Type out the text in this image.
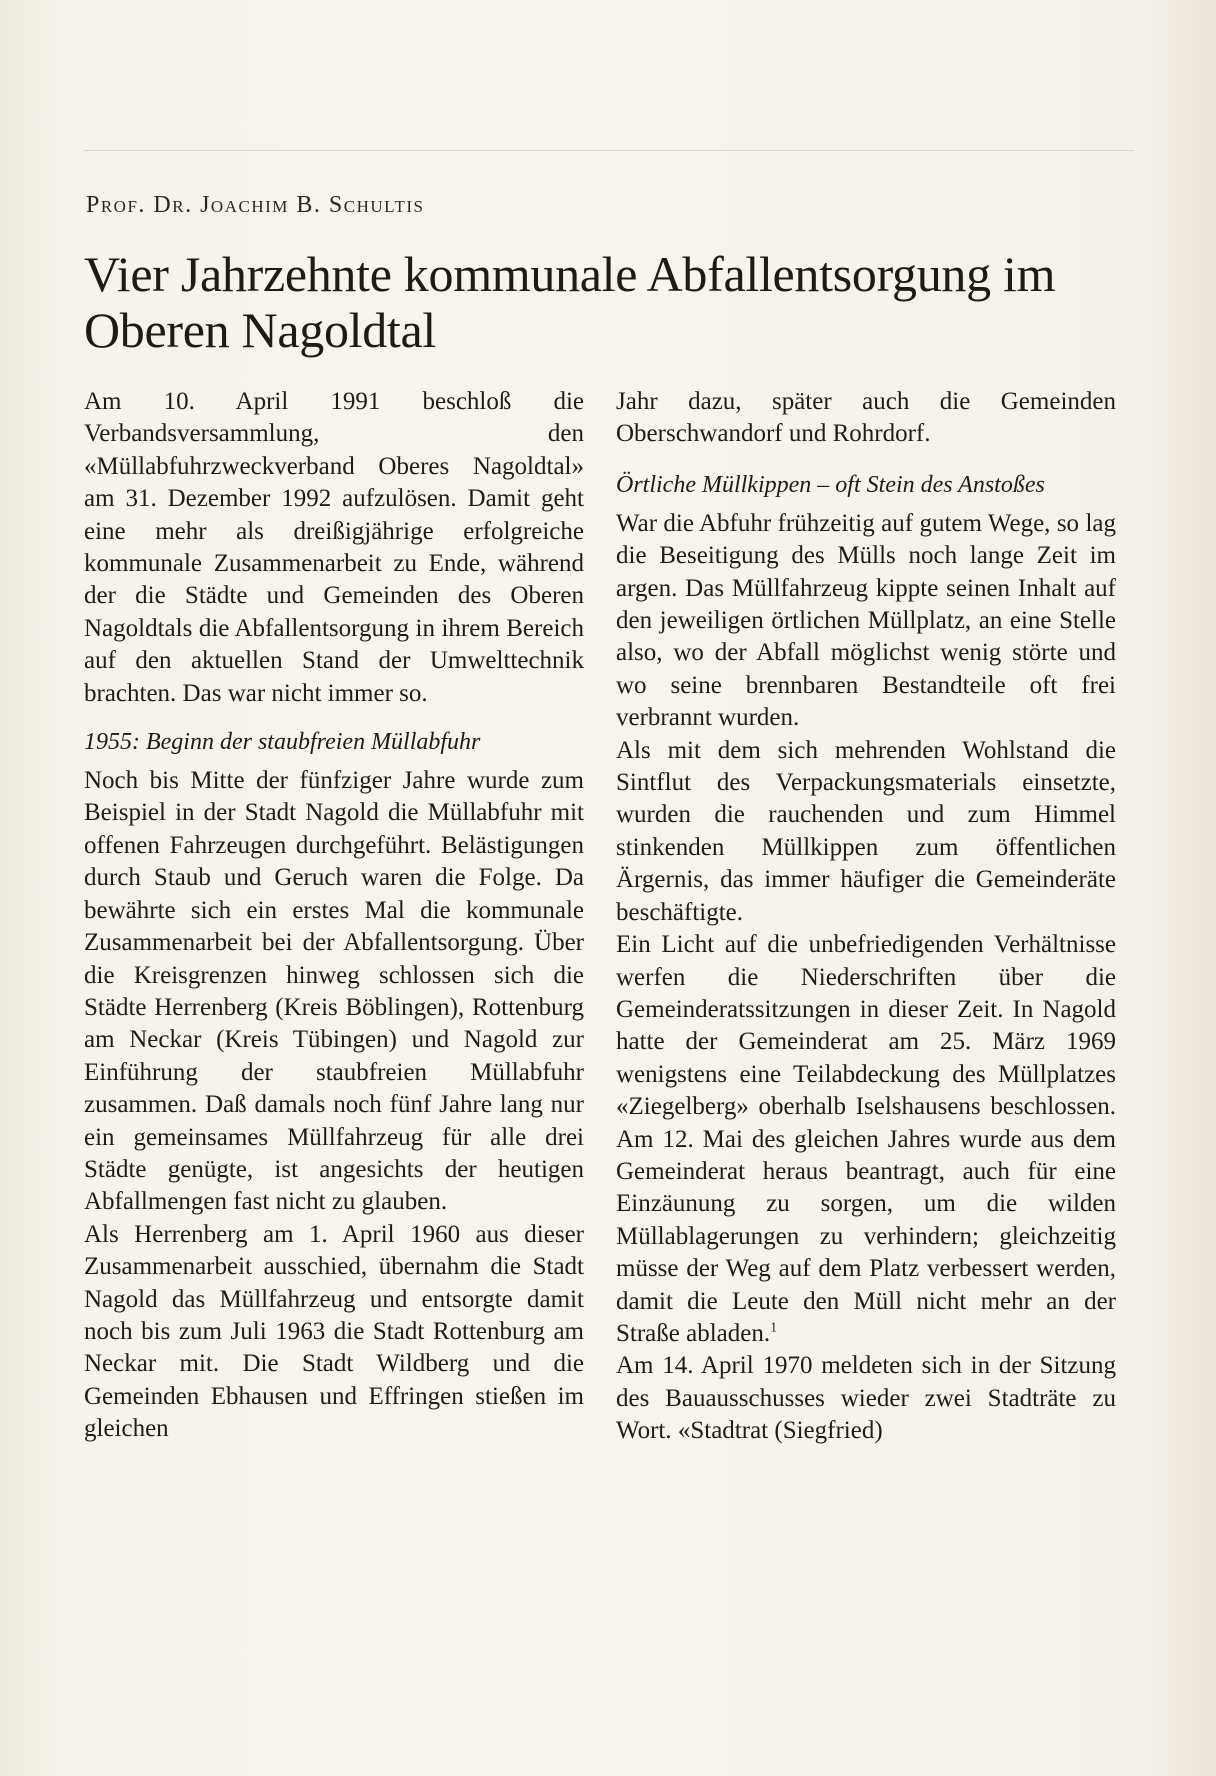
Prof. Dr. Joachim B. Schultis
Vier Jahrzehnte kommunale Abfallentsorgung im Oberen Nagoldtal

Am 10. April 1991 beschloß die Verbandsversammlung, den «Müllabfuhrzweckverband Oberes Nagoldtal» am 31. Dezember 1992 aufzulösen. Damit geht eine mehr als dreißigjährige erfolgreiche kommunale Zusammenarbeit zu Ende, während der die Städte und Gemeinden des Oberen Nagoldtals die Abfallentsorgung in ihrem Bereich auf den aktuellen Stand der Umwelttechnik brachten. Das war nicht immer so.

1955: Beginn der staubfreien Müllabfuhr

Noch bis Mitte der fünfziger Jahre wurde zum Beispiel in der Stadt Nagold die Müllabfuhr mit offenen Fahrzeugen durchgeführt. Belästigungen durch Staub und Geruch waren die Folge. Da bewährte sich ein erstes Mal die kommunale Zusammenarbeit bei der Abfallentsorgung. Über die Kreisgrenzen hinweg schlossen sich die Städte Herrenberg (Kreis Böblingen), Rottenburg am Neckar (Kreis Tübingen) und Nagold zur Einführung der staubfreien Müllabfuhr zusammen. Daß damals noch fünf Jahre lang nur ein gemeinsames Müllfahrzeug für alle drei Städte genügte, ist angesichts der heutigen Abfallmengen fast nicht zu glauben.

Als Herrenberg am 1. April 1960 aus dieser Zusammenarbeit ausschied, übernahm die Stadt Nagold das Müllfahrzeug und entsorgte damit noch bis zum Juli 1963 die Stadt Rottenburg am Neckar mit. Die Stadt Wildberg und die Gemeinden Ebhausen und Effringen stießen im gleichen

Jahr dazu, später auch die Gemeinden Oberschwandorf und Rohrdorf.

Örtliche Müllkippen – oft Stein des Anstoßes

War die Abfuhr frühzeitig auf gutem Wege, so lag die Beseitigung des Mülls noch lange Zeit im argen. Das Müllfahrzeug kippte seinen Inhalt auf den jeweiligen örtlichen Müllplatz, an eine Stelle also, wo der Abfall möglichst wenig störte und wo seine brennbaren Bestandteile oft frei verbrannt wurden.

Als mit dem sich mehrenden Wohlstand die Sintflut des Verpackungsmaterials einsetzte, wurden die rauchenden und zum Himmel stinkenden Müllkippen zum öffentlichen Ärgernis, das immer häufiger die Gemeinderäte beschäftigte.

Ein Licht auf die unbefriedigenden Verhältnisse werfen die Niederschriften über die Gemeinderatssitzungen in dieser Zeit. In Nagold hatte der Gemeinderat am 25. März 1969 wenigstens eine Teilabdeckung des Müllplatzes «Ziegelberg» oberhalb Iselshausens beschlossen. Am 12. Mai des gleichen Jahres wurde aus dem Gemeinderat heraus beantragt, auch für eine Einzäunung zu sorgen, um die wilden Müllablagerungen zu verhindern; gleichzeitig müsse der Weg auf dem Platz verbessert werden, damit die Leute den Müll nicht mehr an der Straße abladen.$^1$

Am 14. April 1970 meldeten sich in der Sitzung des Bauausschusses wieder zwei Stadträte zu Wort. «Stadtrat (Siegfried)
